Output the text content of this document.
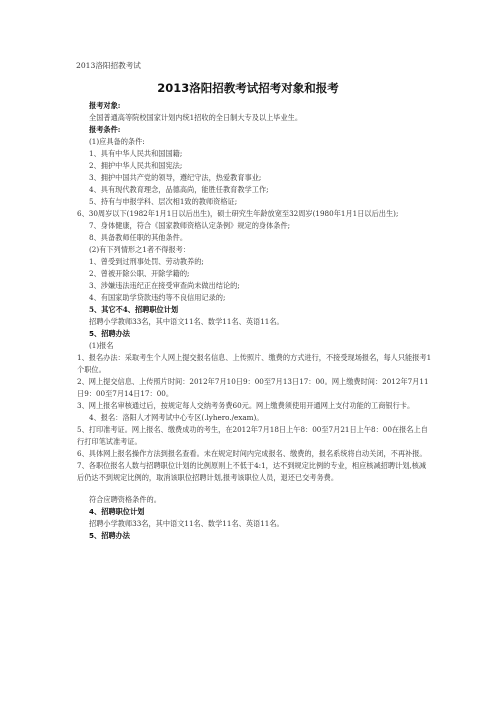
2013洛阳招教考试
2013洛阳招教考试招考对象和报考
报考对象:
全国普通高等院校国家计划内统1招收的全日制大专及以上毕业生。
报考条件:
(1)应具备的条件:
1、具有中华人民共和国国籍;
2、拥护中华人民共和国宪法;
3、拥护中国共产党的领导，遵纪守法，热爱教育事业;
4、具有现代教育理念，品德高尚，能胜任教育教学工作;
5、持有与申报学科、层次相1致的教师资格证;
6、30周岁以下(1982年1月1日以后出生)，硕士研究生年龄放宽至32周岁(1980年1月1日以后出生);
7、身体健康，符合《国家教师资格认定条例》规定的身体条件;
8、具备教师任职的其他条件。
(2)有下列情形之1者不得报考：
1、曾受到过刑事处罚、劳动教养的;
2、曾被开除公职、开除学籍的;
3、涉嫌违法违纪正在接受审查尚未做出结论的;
4、有国家助学贷款违约等不良信用记录的;
5、其它不4、招聘职位计划
招聘小学教师33名，其中语文11名、数学11名、英语11名。
5、招聘办法
(1)报名
1、报名办法：采取考生个人网上提交报名信息、上传照片、缴费的方式进行，不接受现场报名，每人只能报考1个职位。
2、网上提交信息、上传照片时间：2012年7月10日9：00至7月13日17：00。网上缴费时间：2012年7月11日9：00至7月14日17：00。
3、网上报名审核通过后，按规定每人交纳考务费60元。网上缴费须使用开通网上支付功能的工商银行卡。
4、报名：洛阳人才网考试中心专区(.lyhero./exam)。
5、打印准考证。网上报名、缴费成功的考生，在2012年7月18日上午8：00至7月21日上午8：00在报名上自行打印笔试准考证。
6、具体网上报名操作方法到报名查看。未在规定时间内完成报名、缴费的，报名系统将自动关闭，不再补报。
7、各职位报名人数与招聘职位计划的比例原则上不低于4:1，达不到规定比例的专业，相应核减招聘计划,核减后仍达不到规定比例的，取消该职位招聘计划,报考该职位人员，退还已交考务费。
符合应聘资格条件的。
4、招聘职位计划
招聘小学教师33名，其中语文11名、数学11名、英语11名。
5、招聘办法
